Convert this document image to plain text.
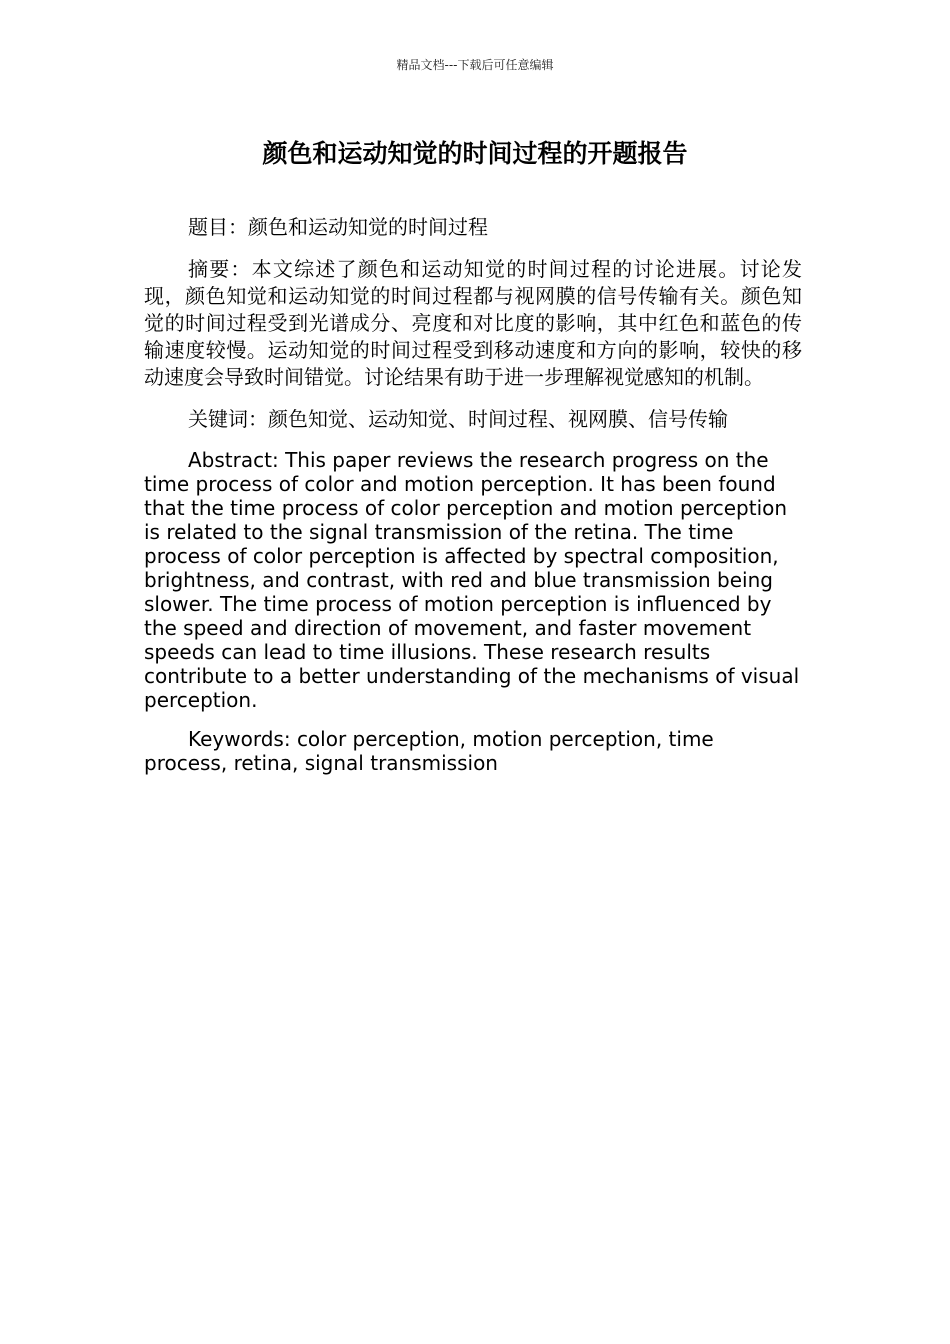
精品文档---下载后可任意编辑
颜色和运动知觉的时间过程的开题报告

题目：颜色和运动知觉的时间过程

摘要：本文综述了颜色和运动知觉的时间过程的讨论进展。讨论发现，颜色知觉和运动知觉的时间过程都与视网膜的信号传输有关。颜色知觉的时间过程受到光谱成分、亮度和对比度的影响，其中红色和蓝色的传输速度较慢。运动知觉的时间过程受到移动速度和方向的影响，较快的移动速度会导致时间错觉。讨论结果有助于进一步理解视觉感知的机制。

关键词：颜色知觉、运动知觉、时间过程、视网膜、信号传输

Abstract: This paper reviews the research progress on the time process of color and motion perception. It has been found that the time process of color perception and motion perception is related to the signal transmission of the retina. The time process of color perception is affected by spectral composition, brightness, and contrast, with red and blue transmission being slower. The time process of motion perception is influenced by the speed and direction of movement, and faster movement speeds can lead to time illusions. These research results contribute to a better understanding of the mechanisms of visual perception.

Keywords: color perception, motion perception, time process, retina, signal transmission
